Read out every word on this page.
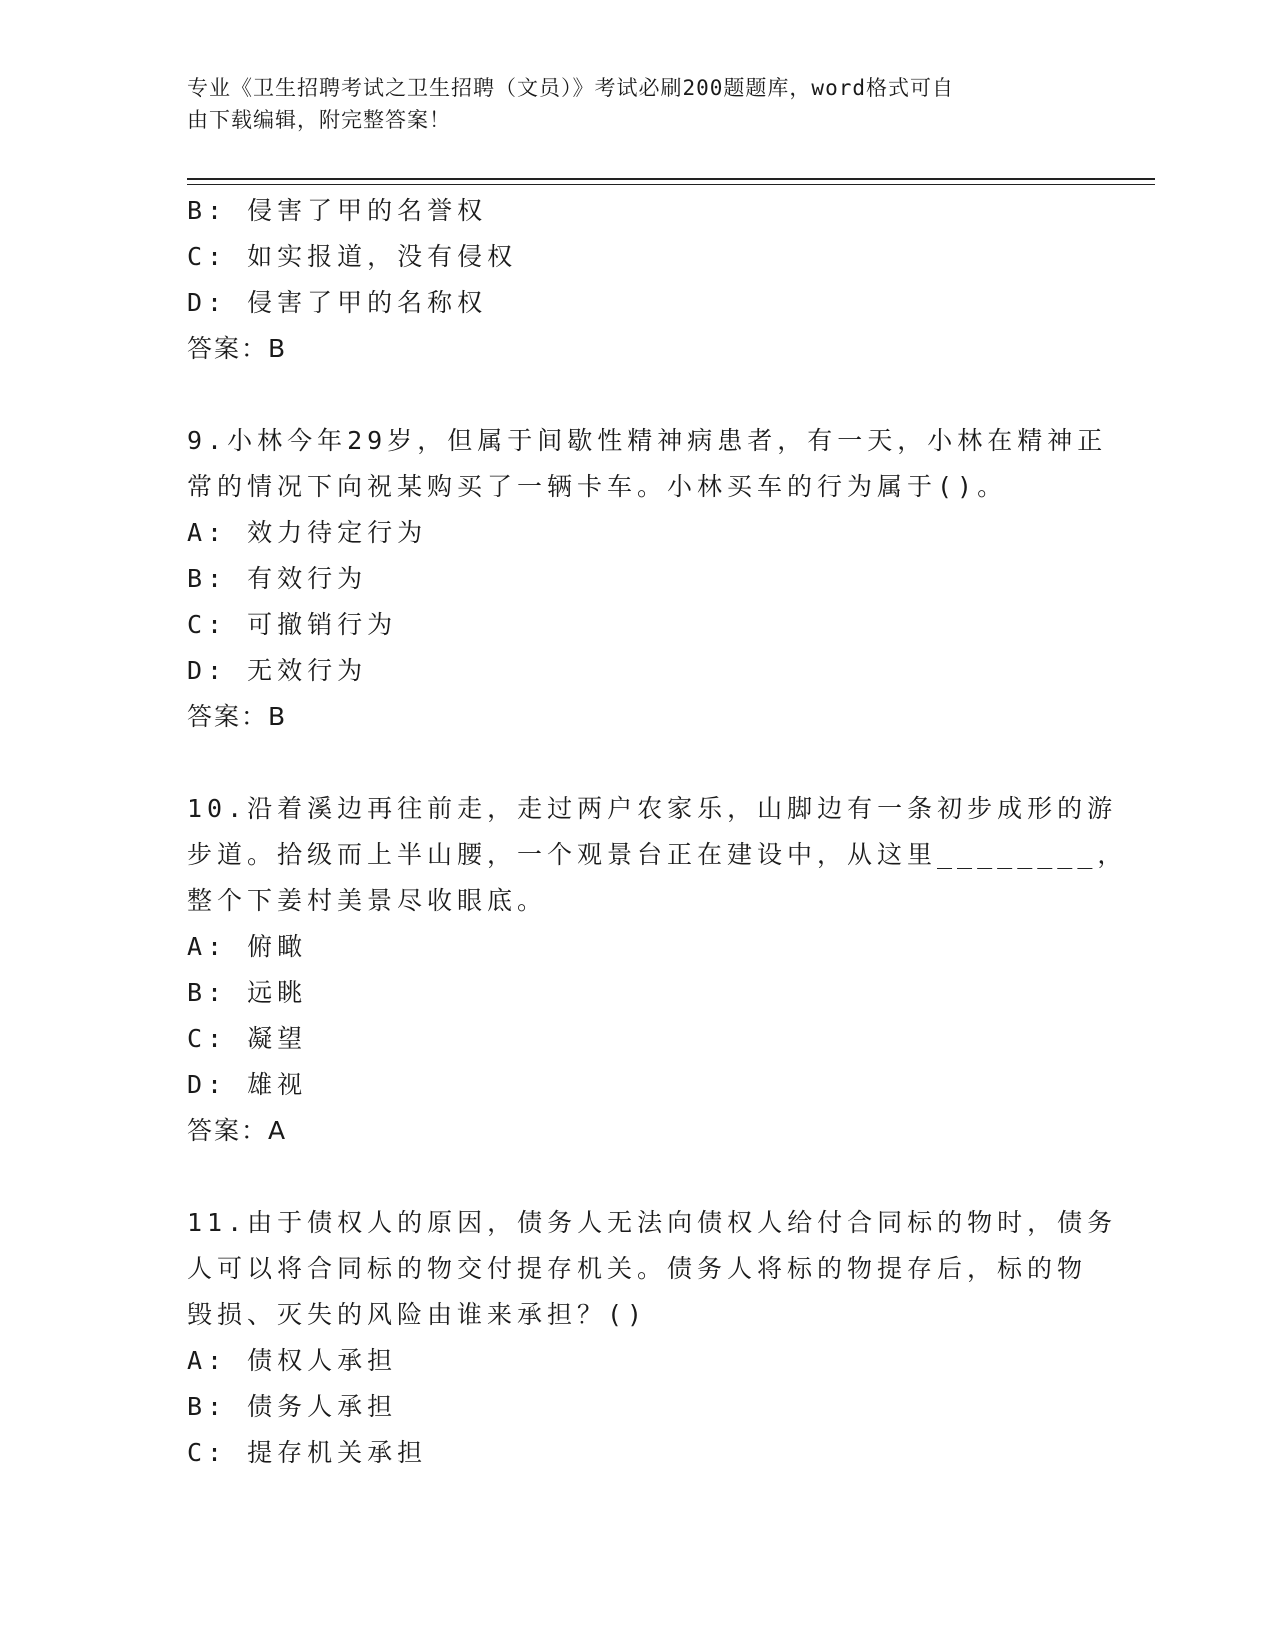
专业《卫生招聘考试之卫生招聘（文员）》考试必刷200题题库，word格式可自
由下载编辑，附完整答案！
B: 侵害了甲的名誉权
C: 如实报道，没有侵权
D: 侵害了甲的名称权
答案：B
9.小林今年29岁，但属于间歇性精神病患者，有一天，小林在精神正
常的情况下向祝某购买了一辆卡车。小林买车的行为属于()。
A: 效力待定行为
B: 有效行为
C: 可撤销行为
D: 无效行为
答案：B
10.沿着溪边再往前走，走过两户农家乐，山脚边有一条初步成形的游
步道。拾级而上半山腰，一个观景台正在建设中，从这里________，
整个下姜村美景尽收眼底。
A: 俯瞰
B: 远眺
C: 凝望
D: 雄视
答案：A
11.由于债权人的原因，债务人无法向债权人给付合同标的物时，债务
人可以将合同标的物交付提存机关。债务人将标的物提存后，标的物
毁损、灭失的风险由谁来承担？()
A: 债权人承担
B: 债务人承担
C: 提存机关承担
